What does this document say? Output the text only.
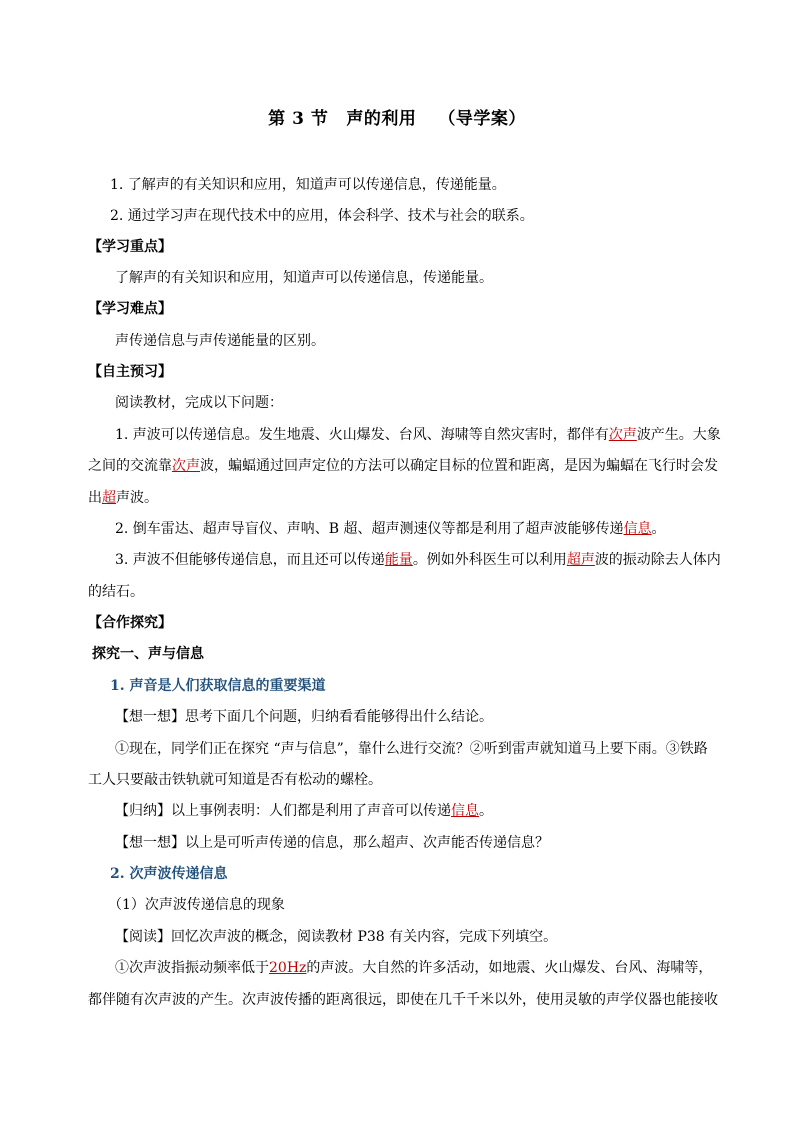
第 3 节 声的利用 （导学案）
1. 了解声的有关知识和应用，知道声可以传递信息，传递能量。
2. 通过学习声在现代技术中的应用，体会科学、技术与社会的联系。
【学习重点】
了解声的有关知识和应用，知道声可以传递信息，传递能量。
【学习难点】
声传递信息与声传递能量的区别。
【自主预习】
阅读教材，完成以下问题：
1. 声波可以传递信息。发生地震、火山爆发、台风、海啸等自然灾害时，都伴有次声波产生。大象
之间的交流靠次声波，蝙蝠通过回声定位的方法可以确定目标的位置和距离，是因为蝙蝠在飞行时会发
出超声波。
2. 倒车雷达、超声导盲仪、声呐、B 超、超声测速仪等都是利用了超声波能够传递信息。
3. 声波不但能够传递信息，而且还可以传递能量。例如外科医生可以利用超声波的振动除去人体内
的结石。
【合作探究】
探究一、声与信息
1. 声音是人们获取信息的重要渠道
【想一想】思考下面几个问题，归纳看看能够得出什么结论。
①现在，同学们正在探究 “声与信息”，靠什么进行交流？②听到雷声就知道马上要下雨。③铁路
工人只要敲击铁轨就可知道是否有松动的螺栓。
【归纳】以上事例表明：人们都是利用了声音可以传递信息。
【想一想】以上是可听声传递的信息，那么超声、次声能否传递信息？
2. 次声波传递信息
（1）次声波传递信息的现象
【阅读】回忆次声波的概念，阅读教材 P38 有关内容，完成下列填空。
①次声波指振动频率低于20Hz的声波。大自然的许多活动，如地震、火山爆发、台风、海啸等，
都伴随有次声波的产生。次声波传播的距离很远，即使在几千千米以外，使用灵敏的声学仪器也能接收
